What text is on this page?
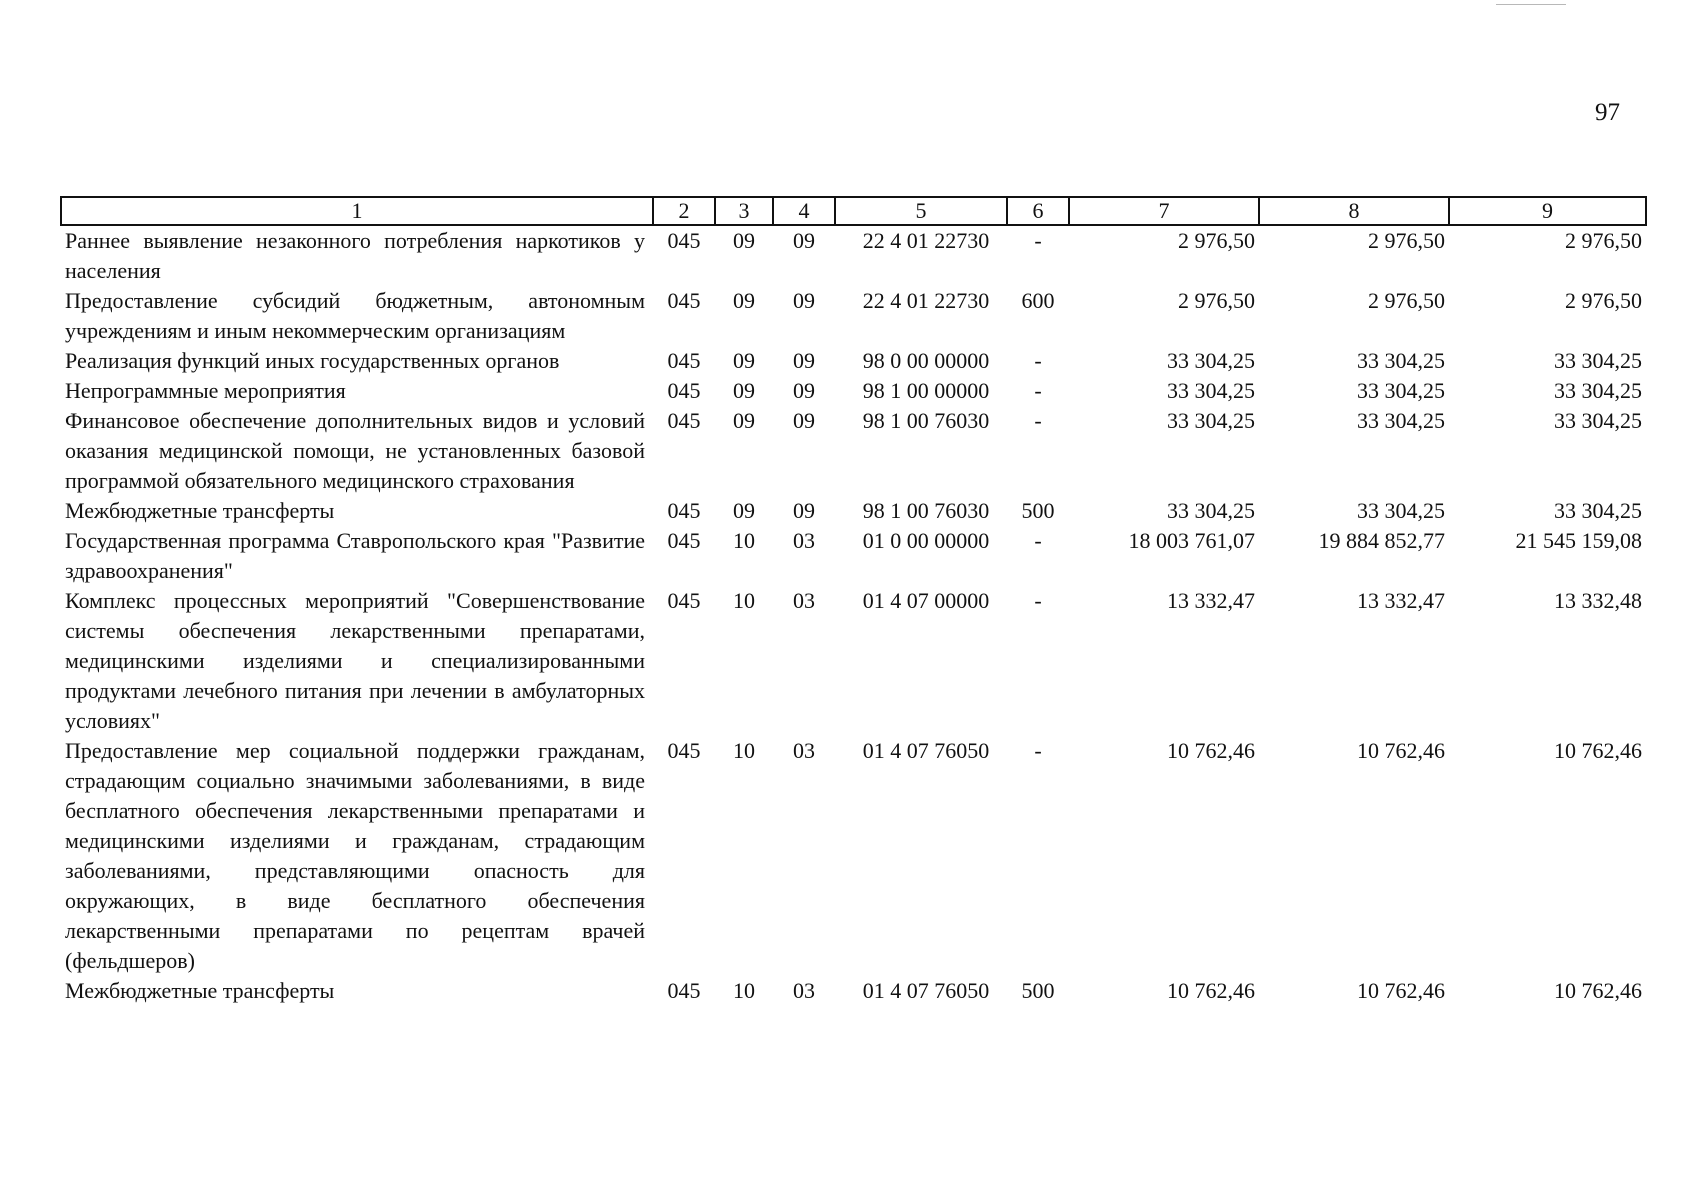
97
1	2	3	4	5	6	7	8	9
Раннее выявление незаконного потребления наркотиков у населения	045	09	09	22 4 01 22730	-	2 976,50	2 976,50	2 976,50
Предоставление субсидий бюджетным, автономным учреждениям и иным некоммерческим организациям	045	09	09	22 4 01 22730	600	2 976,50	2 976,50	2 976,50
Реализация функций иных государственных органов	045	09	09	98 0 00 00000	-	33 304,25	33 304,25	33 304,25
Непрограммные мероприятия	045	09	09	98 1 00 00000	-	33 304,25	33 304,25	33 304,25
Финансовое обеспечение дополнительных видов и условий оказания медицинской помощи, не установленных базовой программой обязательного медицинского страхования	045	09	09	98 1 00 76030	-	33 304,25	33 304,25	33 304,25
Межбюджетные трансферты	045	09	09	98 1 00 76030	500	33 304,25	33 304,25	33 304,25
Государственная программа Ставропольского края "Развитие здравоохранения"	045	10	03	01 0 00 00000	-	18 003 761,07	19 884 852,77	21 545 159,08
Комплекс процессных мероприятий "Совершенствование системы обеспечения лекарственными препаратами, медицинскими изделиями и специализированными продуктами лечебного питания при лечении в амбулаторных условиях"	045	10	03	01 4 07 00000	-	13 332,47	13 332,47	13 332,48
Предоставление мер социальной поддержки гражданам, страдающим социально значимыми заболеваниями, в виде бесплатного обеспечения лекарственными препаратами и медицинскими изделиями и гражданам, страдающим заболеваниями, представляющими опасность для окружающих, в виде бесплатного обеспечения лекарственными препаратами по рецептам врачей (фельдшеров)	045	10	03	01 4 07 76050	-	10 762,46	10 762,46	10 762,46
Межбюджетные трансферты	045	10	03	01 4 07 76050	500	10 762,46	10 762,46	10 762,46
